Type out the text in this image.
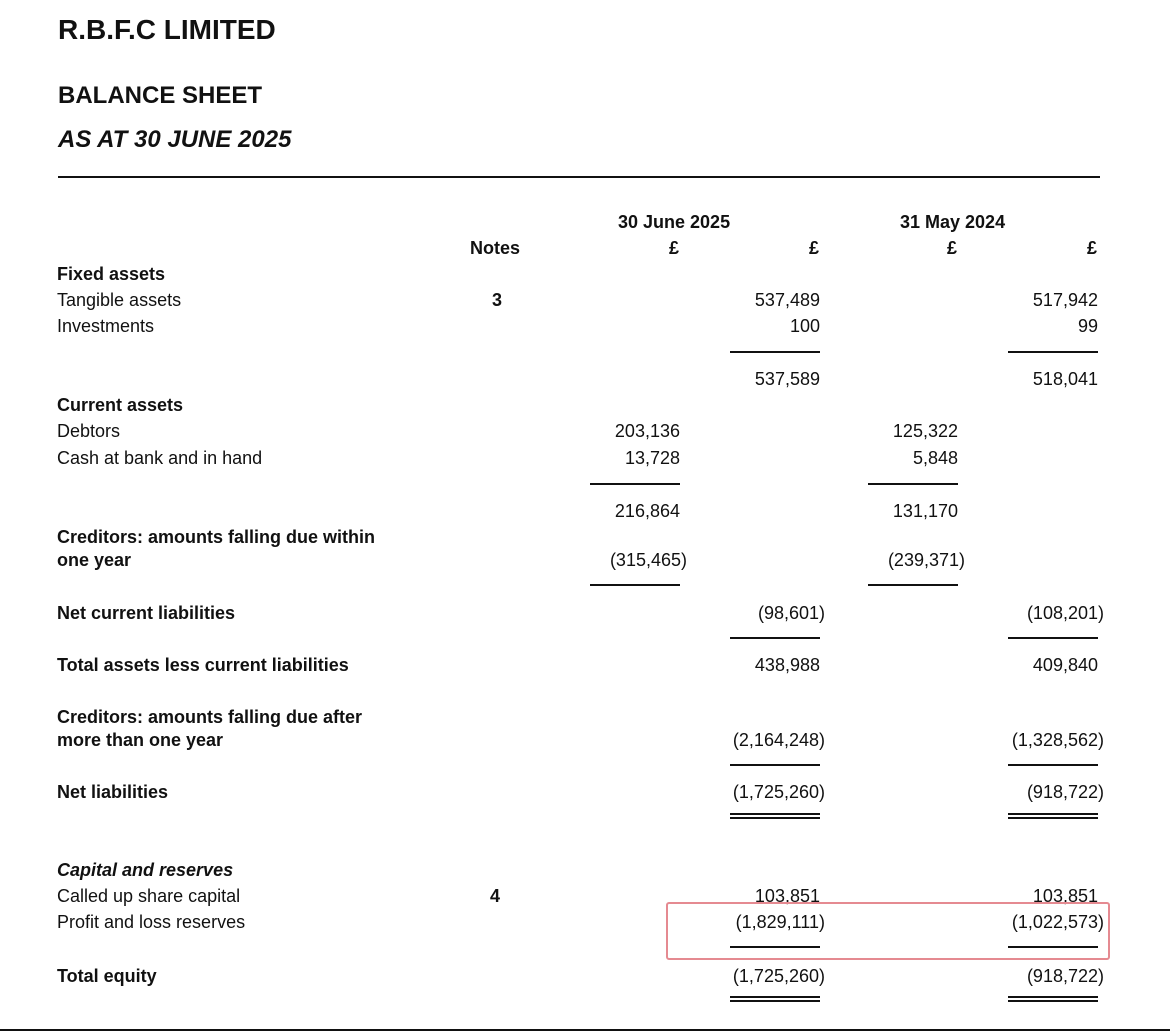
R.B.F.C LIMITED
BALANCE SHEET
AS AT 30 JUNE 2025
30 June 2025	31 May 2024
Notes	£	£	£	£
Fixed assets
Tangible assets	3	537,489	517,942
Investments	100	99
537,589	518,041
Current assets
Debtors	203,136	125,322
Cash at bank and in hand	13,728	5,848
216,864	131,170
Creditors: amounts falling due within
one year	(315,465)	(239,371)
Net current liabilities	(98,601)	(108,201)
Total assets less current liabilities	438,988	409,840
Creditors: amounts falling due after
more than one year	(2,164,248)	(1,328,562)
Net liabilities	(1,725,260)	(918,722)
Capital and reserves
Called up share capital	4	103,851	103,851
Profit and loss reserves	(1,829,111)	(1,022,573)
Total equity	(1,725,260)	(918,722)
